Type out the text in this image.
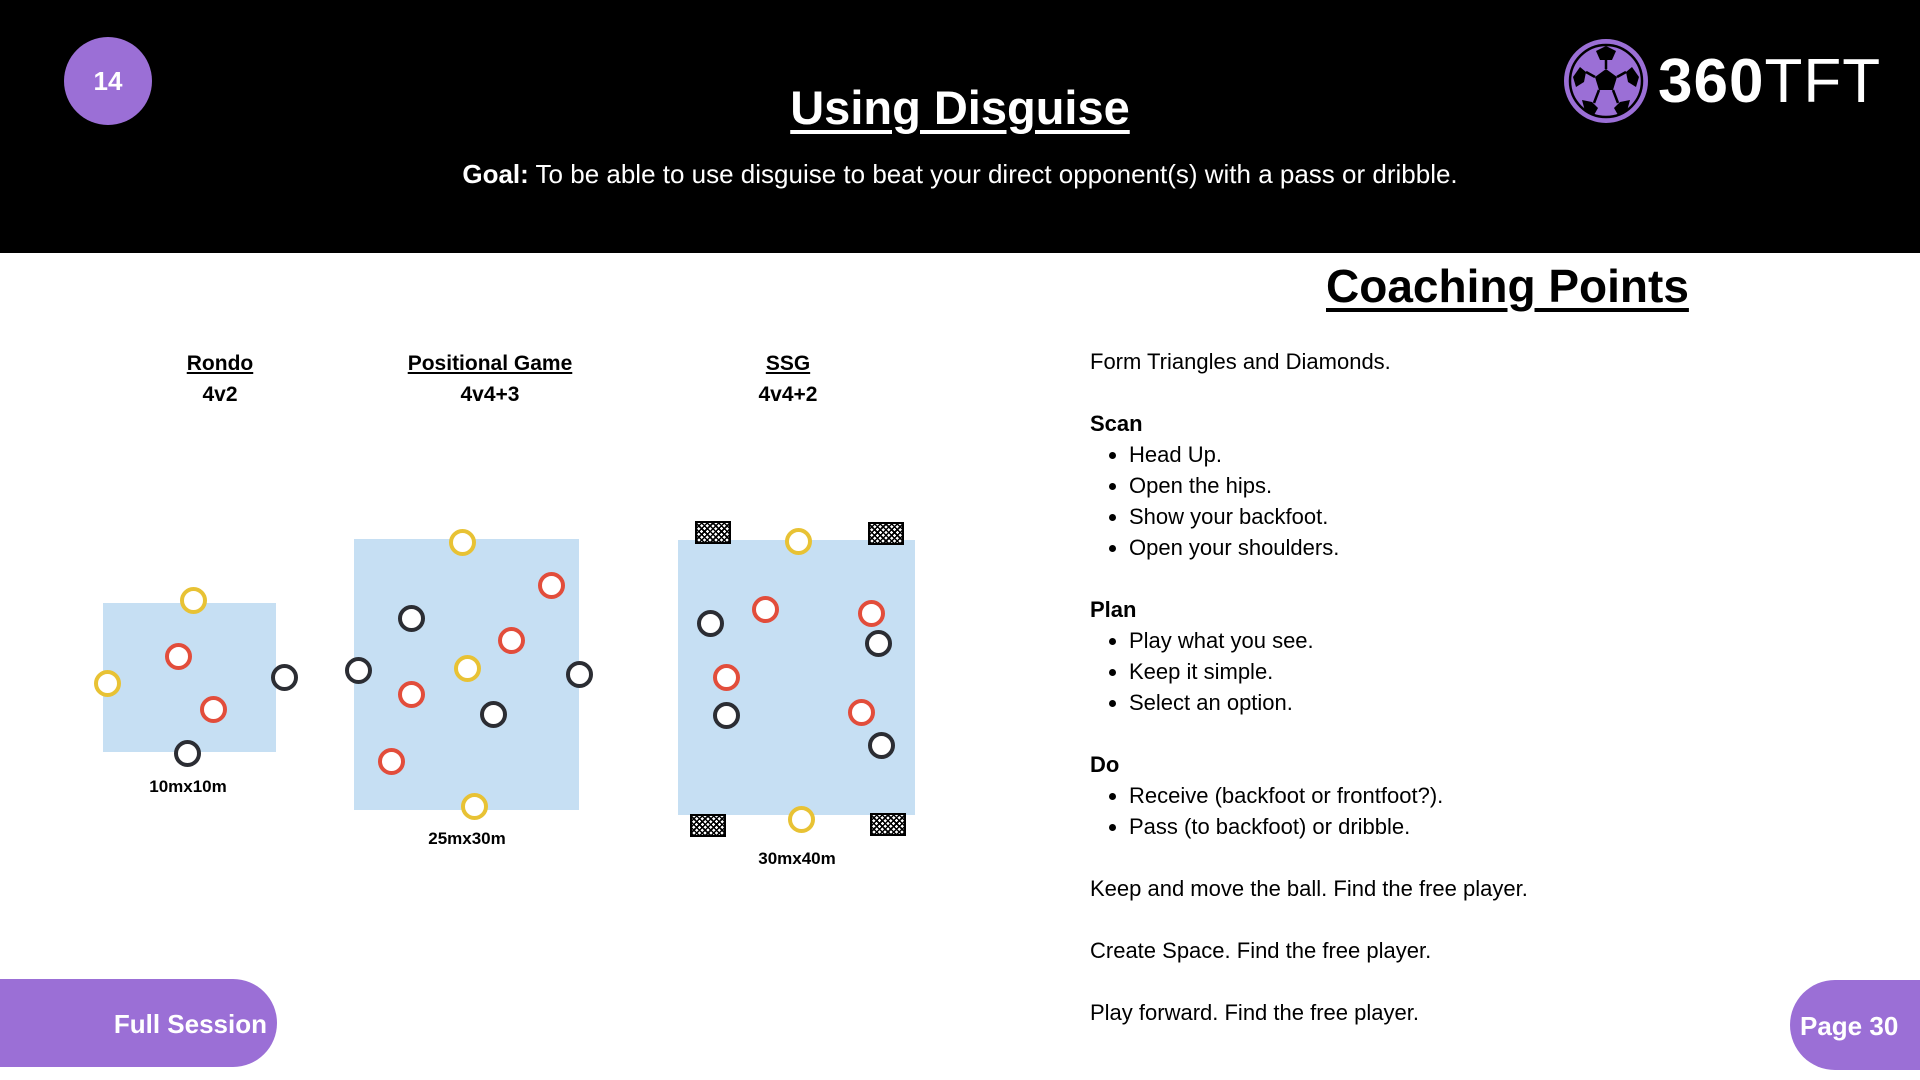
14
Using Disguise
Goal: To be able to use disguise to beat your direct opponent(s) with a pass or dribble.
360TFT
Rondo
4v2
Positional Game
4v4+3
SSG
4v4+2
10mx10m
25mx30m
30mx40m
Coaching Points

Form Triangles and Diamonds.

Scan

• Head Up.
• Open the hips.
• Show your backfoot.
• Open your shoulders.

Plan

• Play what you see.
• Keep it simple.
• Select an option.

Do

• Receive (backfoot or frontfoot?).
• Pass (to backfoot) or dribble.

Keep and move the ball. Find the free player.

Create Space. Find the free player.

Play forward. Find the free player.

Full Session	Page 30
